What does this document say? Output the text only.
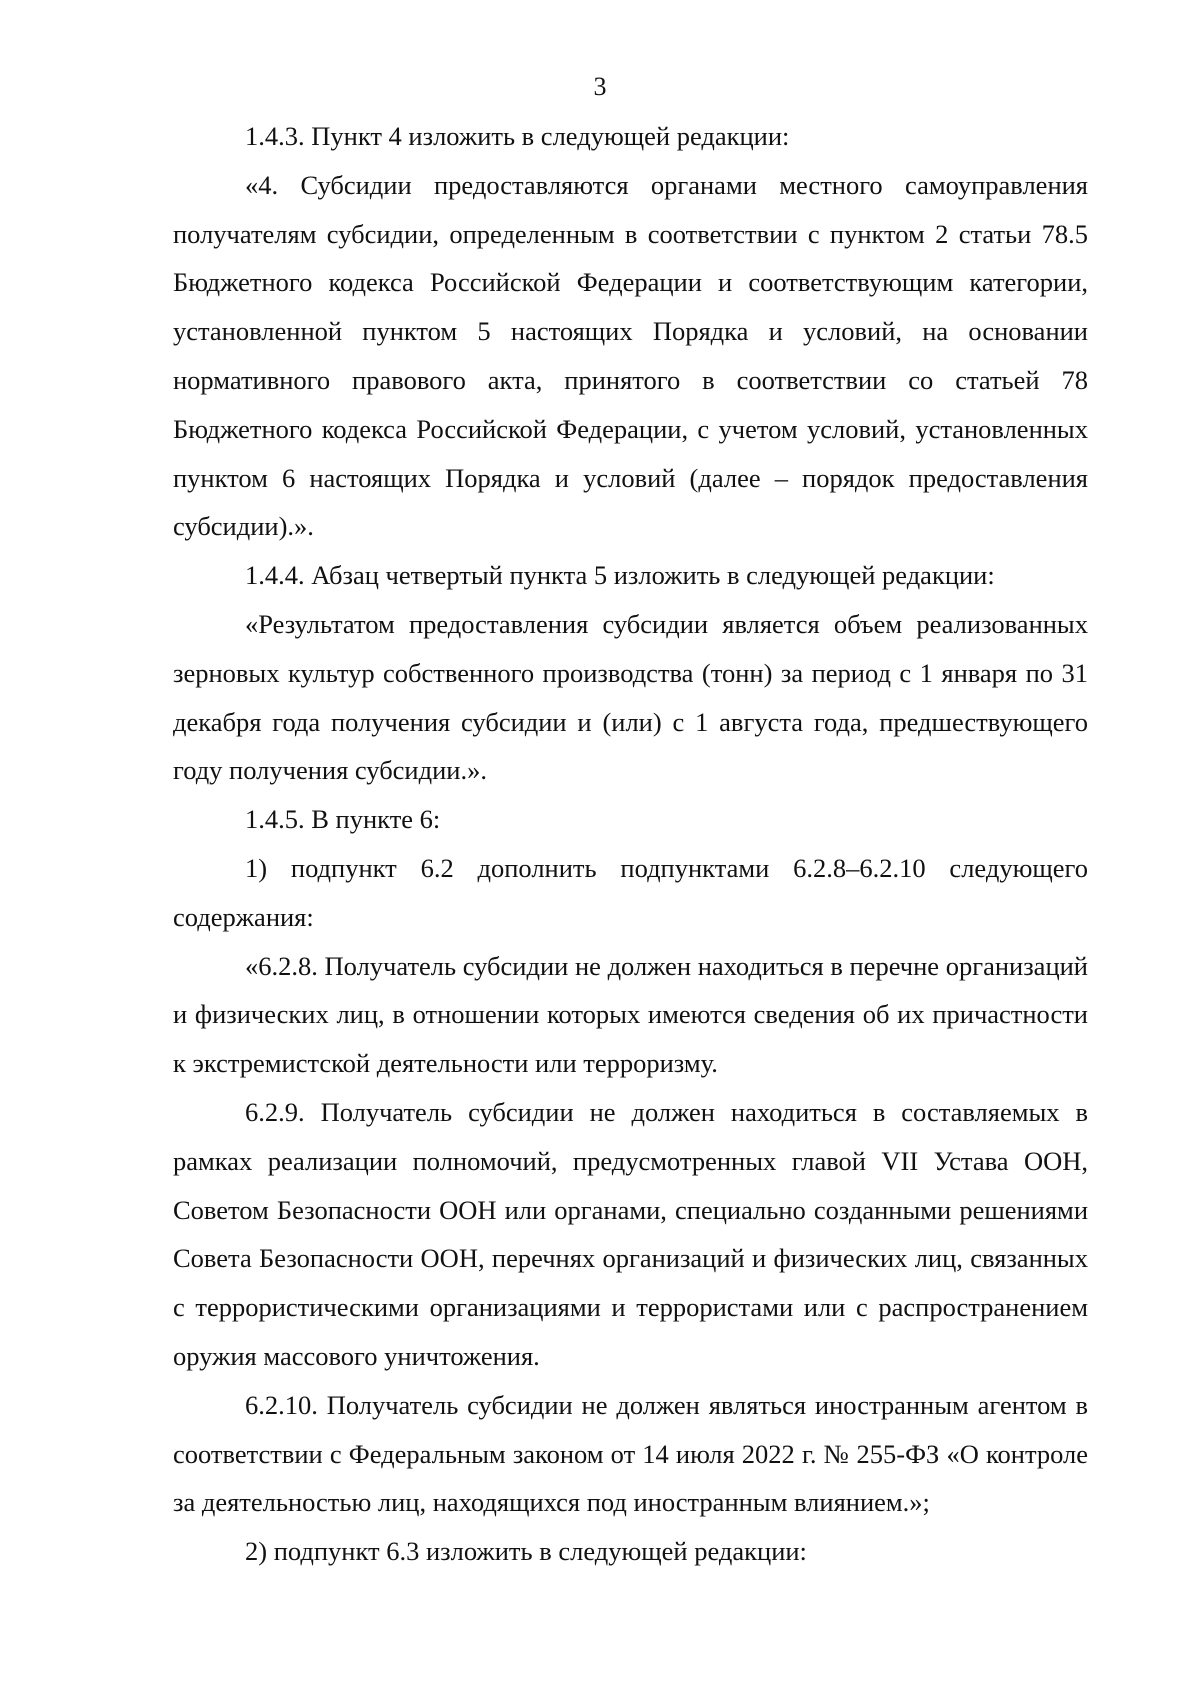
3

1.4.3. Пункт 4 изложить в следующей редакции:

«4. Субсидии предоставляются органами местного самоуправления получателям субсидии, определенным в соответствии с пунктом 2 статьи 78.5 Бюджетного кодекса Российской Федерации и соответствующим категории, установленной пунктом 5 настоящих Порядка и условий, на основании нормативного правового акта, принятого в соответствии со статьей 78 Бюджетного кодекса Российской Федерации, с учетом условий, установленных пунктом 6 настоящих Порядка и условий (далее – порядок предоставления субсидии).».

1.4.4. Абзац четвертый пункта 5 изложить в следующей редакции:

«Результатом предоставления субсидии является объем реализованных зерновых культур собственного производства (тонн) за период с 1 января по 31 декабря года получения субсидии и (или) с 1 августа года, предшествующего году получения субсидии.».

1.4.5. В пункте 6:

1) подпункт 6.2 дополнить подпунктами 6.2.8–6.2.10 следующего содержания:

«6.2.8. Получатель субсидии не должен находиться в перечне организаций и физических лиц, в отношении которых имеются сведения об их причастности к экстремистской деятельности или терроризму.

6.2.9. Получатель субсидии не должен находиться в составляемых в рамках реализации полномочий, предусмотренных главой VII Устава ООН, Советом Безопасности ООН или органами, специально созданными решениями Совета Безопасности ООН, перечнях организаций и физических лиц, связанных с террористическими организациями и террористами или с распространением оружия массового уничтожения.

6.2.10. Получатель субсидии не должен являться иностранным агентом в соответствии с Федеральным законом от 14 июля 2022 г. № 255-ФЗ «О контроле за деятельностью лиц, находящихся под иностранным влиянием.»;

2) подпункт 6.3 изложить в следующей редакции:
